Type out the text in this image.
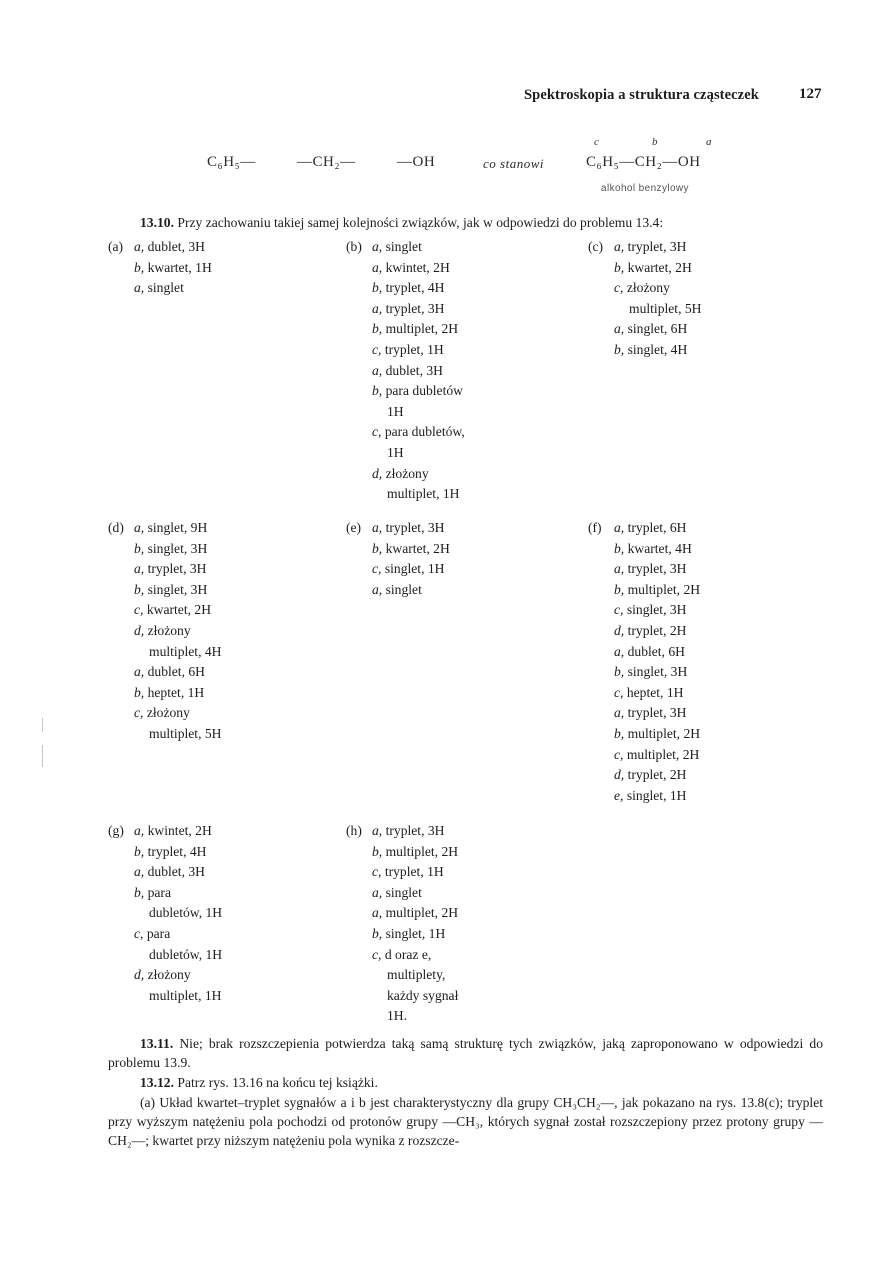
Spektroskopia a struktura cząsteczek	127
C₆H₅—	—CH₂—	—OH	co stanowi	C₆H₅—CH₂—OH
c	b	a
alkohol benzylowy
13.10. Przy zachowaniu takiej samej kolejności związków, jak w odpowiedzi do problemu 13.4:
(a) a, dublet, 3H
b, kwartet, 1H
a, singlet
(b) a, singlet
a, kwintet, 2H
b, tryplet, 4H
a, tryplet, 3H
b, multiplet, 2H
c, tryplet, 1H
a, dublet, 3H
b, para dubletów
1H
c, para dubletów,
1H
d, złożony
multiplet, 1H
(c) a, tryplet, 3H
b, kwartet, 2H
c, złożony
multiplet, 5H
a, singlet, 6H
b, singlet, 4H
(d) a, singlet, 9H
b, singlet, 3H
a, tryplet, 3H
b, singlet, 3H
c, kwartet, 2H
d, złożony
multiplet, 4H
a, dublet, 6H
b, heptet, 1H
c, złożony
multiplet, 5H
(e) a, tryplet, 3H
b, kwartet, 2H
c, singlet, 1H
a, singlet
(f) a, tryplet, 6H
b, kwartet, 4H
a, tryplet, 3H
b, multiplet, 2H
c, singlet, 3H
d, tryplet, 2H
a, dublet, 6H
b, singlet, 3H
c, heptet, 1H
a, tryplet, 3H
b, multiplet, 2H
c, multiplet, 2H
d, tryplet, 2H
e, singlet, 1H
(g) a, kwintet, 2H
b, tryplet, 4H
a, dublet, 3H
b, para
dubletów, 1H
c, para
dubletów, 1H
d, złożony
multiplet, 1H
(h) a, tryplet, 3H
b, multiplet, 2H
c, tryplet, 1H
a, singlet
a, multiplet, 2H
b, singlet, 1H
c, d oraz e,
multiplety,
każdy sygnał
1H.
13.11. Nie; brak rozszczepienia potwierdza taką samą strukturę tych związków, jaką zaproponowano w odpowiedzi do problemu 13.9.
13.12. Patrz rys. 13.16 na końcu tej książki.
(a) Układ kwartet–tryplet sygnałów a i b jest charakterystyczny dla grupy CH₃CH₂—, jak pokazano na rys. 13.8(c); tryplet przy wyższym natężeniu pola pochodzi od protonów grupy —CH₃, których sygnał został rozszczepiony przez protony grupy —CH₂—; kwartet przy niższym natężeniu pola wynika z rozszcze-
